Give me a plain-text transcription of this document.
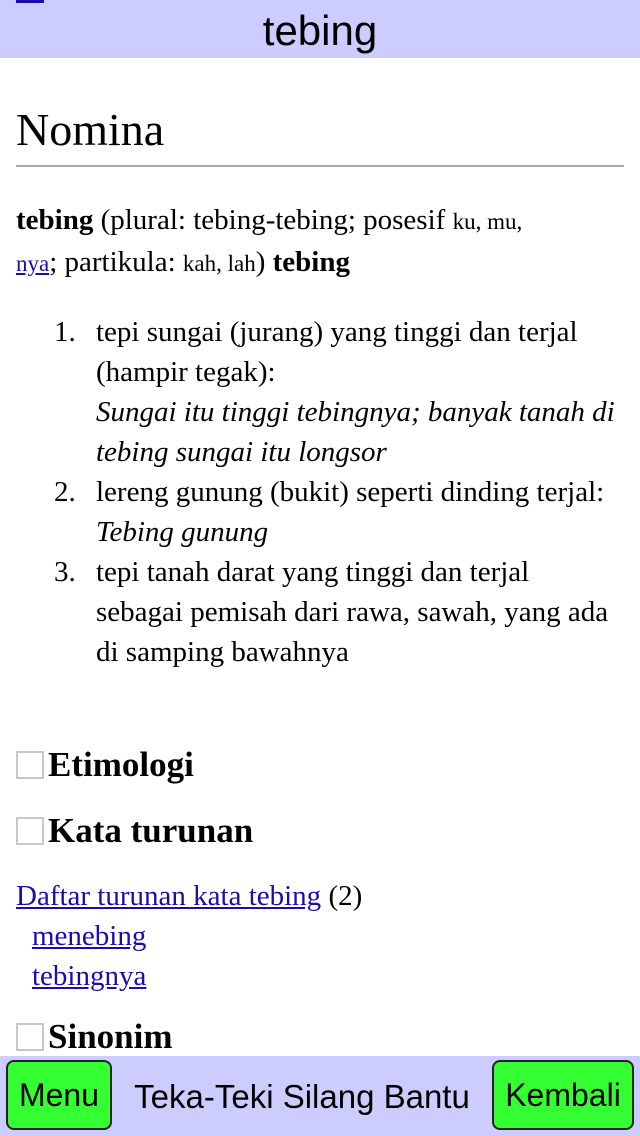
tebing
Nomina
tebing (plural: tebing-tebing; posesif ku, mu,
nya; partikula: kah, lah) tebing
1. tepi sungai (jurang) yang tinggi dan terjal (hampir tegak):
Sungai itu tinggi tebingnya; banyak tanah di tebing sungai itu longsor
2. lereng gunung (bukit) seperti dinding terjal:
Tebing gunung
3. tepi tanah darat yang tinggi dan terjal sebagai pemisah dari rawa, sawah, yang ada di samping bawahnya
Etimologi
Kata turunan
Daftar turunan kata tebing (2)
menebing
tebingnya
Sinonim
Menu	Teka-Teki Silang Bantu	Kembali
